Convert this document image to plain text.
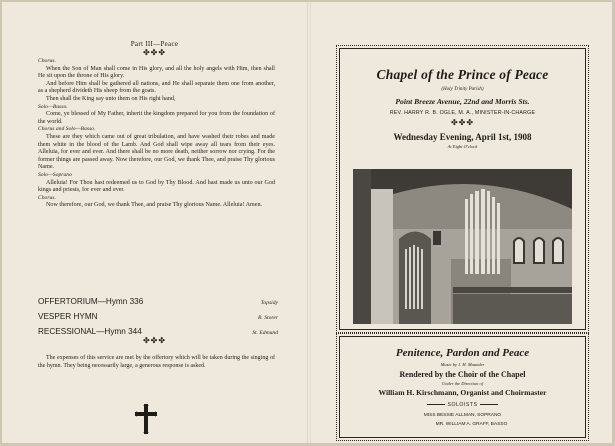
Part III—Peace
✤✤✤

Chorus.

When the Son of Man shall come in His glory, and all the holy angels with Him, then shall He sit upon the throne of His glory.

And before Him shall be gathered all nations, and He shall separate them one from another, as a shepherd divideth His sheep from the goats.

Then shall the King say unto them on His right hand,

Solo—Basso.

Come, ye blessed of My Father, inherit the kingdom prepared for you from the foundation of the world.

Chorus and Solo—Basso.

These are they which came out of great tribulation, and have washed their robes and made them white in the blood of the Lamb. And God shall wipe away all tears from their eyes. Alleluia, for ever and ever. And there shall be no more death, neither sorrow nor crying. For the former things are passed away. Now therefore, our God, we thank Thee, and praise Thy glorious Name.

Solo—Soprano

Alleluia! For Thou hast redeemed us to God by Thy Blood. And hast made us unto our God kings and priests, for ever and ever.

Chorus.

Now therefore, our God, we thank Thee, and praise Thy glorious Name. Alleluia! Amen.

OFFERTORIUM—Hymn 336	Topsidy
VESPER HYMN	R. Storer
RECESSIONAL—Hymn 344	St. Edmund
✤✤✤
The expenses of this service are met by the offertory which will be taken during the singing of the hymn. They being necessarily large, a generous response is asked.
Chapel of the Prince of Peace
(Holy Trinity Parish)
Point Breeze Avenue, 22nd and Morris Sts.
REV. HARRY R. B. OGLE, M. A., MINISTER-IN-CHARGE
✤✤✤
Wednesday Evening, April 1st, 1908
At Eight O'clock
Penitence, Pardon and Peace
Music by J. H. Maunder
Rendered by the Choir of the Chapel
Under the Direction of
William H. Kirschmann, Organist and Choirmaster
SOLOISTS
MISS BESSIE ALLMAN, SOPRANO
MR. WILLIAM A. GRAFF, BASSO
